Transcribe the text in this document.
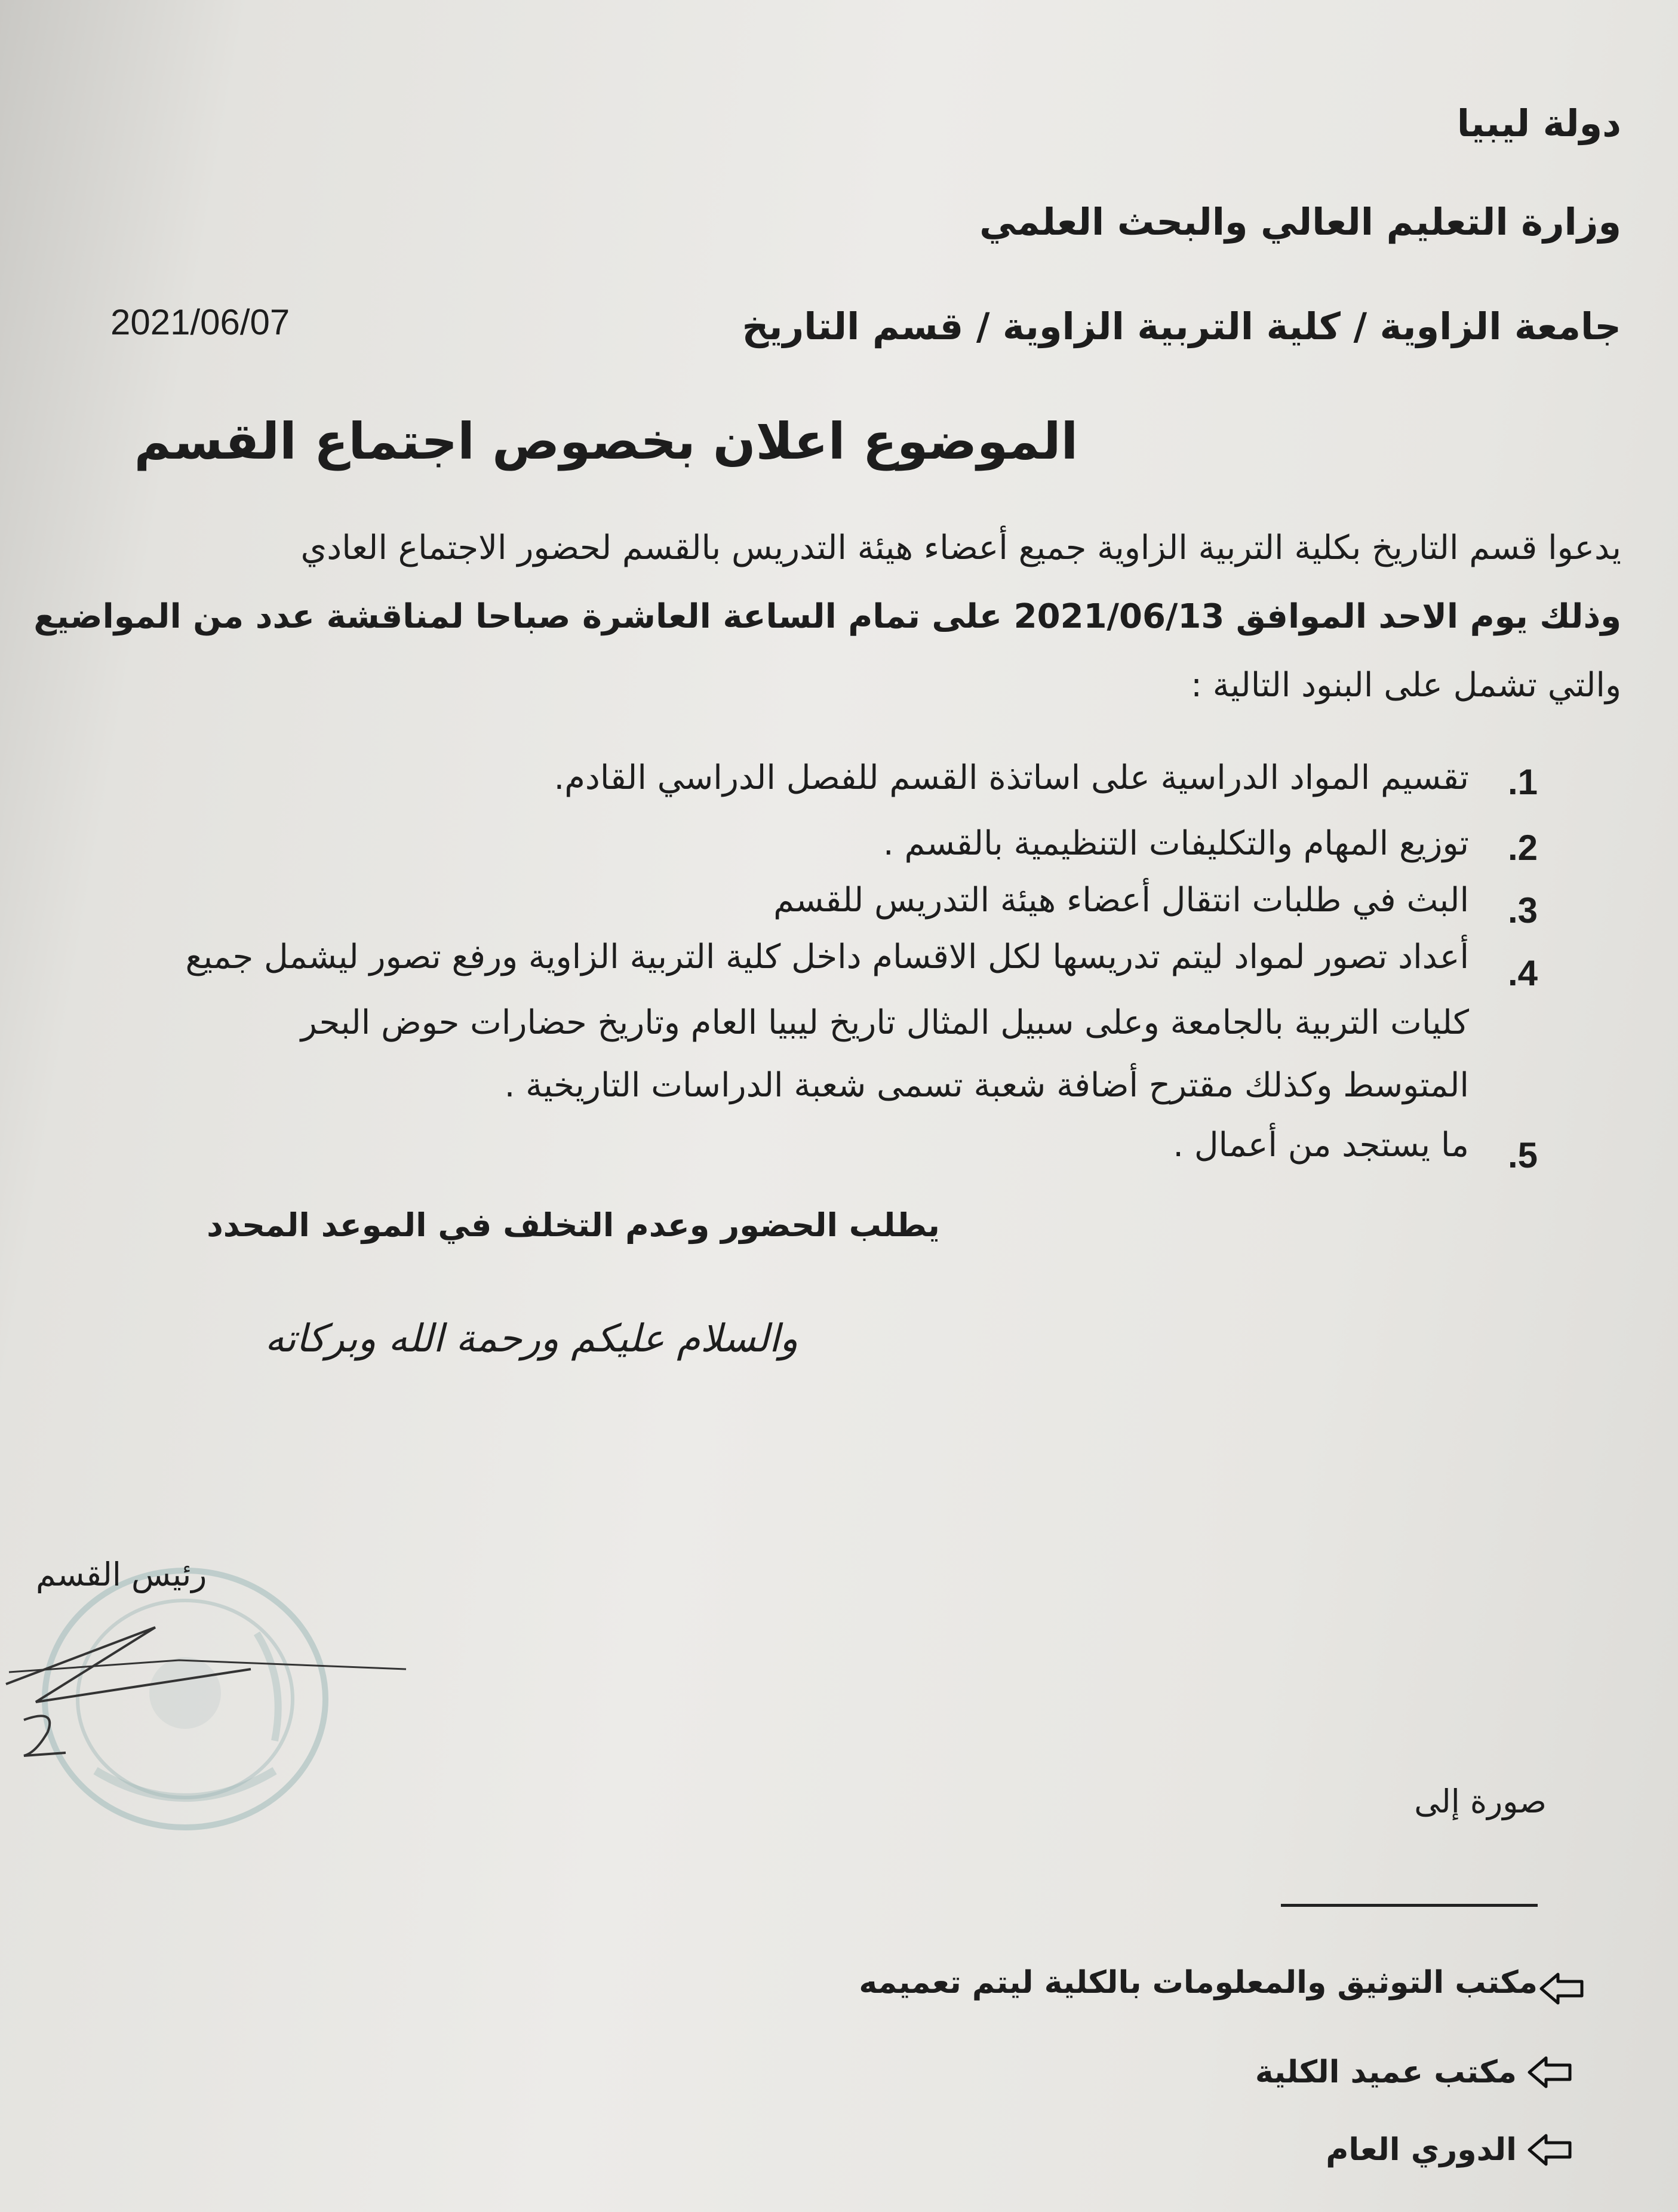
دولة ليبيا
وزارة التعليم العالي والبحث العلمي
جامعة الزاوية / كلية التربية الزاوية / قسم التاريخ
2021/06/07
الموضوع اعلان بخصوص اجتماع القسم
يدعوا قسم التاريخ بكلية التربية الزاوية جميع أعضاء هيئة التدريس بالقسم لحضور الاجتماع العادي
وذلك يوم الاحد الموافق 2021/06/13 على تمام الساعة العاشرة صباحا لمناقشة عدد من المواضيع
والتي تشمل على البنود التالية :
.1
تقسيم المواد الدراسية على اساتذة القسم للفصل الدراسي القادم.
.2
توزيع المهام والتكليفات التنظيمية بالقسم .
.3
البث في طلبات انتقال أعضاء هيئة التدريس للقسم
.4
أعداد تصور لمواد ليتم تدريسها لكل الاقسام داخل كلية التربية الزاوية ورفع تصور ليشمل جميع
كليات التربية بالجامعة وعلى سبيل المثال تاريخ ليبيا العام وتاريخ حضارات حوض البحر
المتوسط وكذلك مقترح أضافة شعبة تسمى شعبة الدراسات التاريخية .
.5
ما يستجد من أعمال .
يطلب الحضور وعدم التخلف في الموعد المحدد
والسلام عليكم ورحمة الله وبركاته
رئيس القسم
صورة إلى
مكتب التوثيق والمعلومات بالكلية ليتم تعميمه
مكتب عميد الكلية
الدوري العام
